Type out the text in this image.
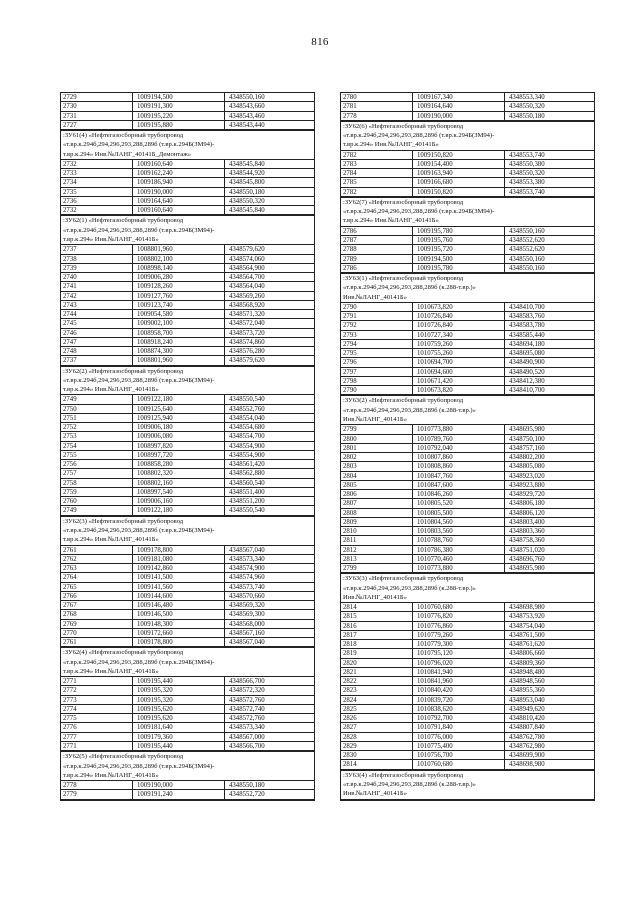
816
2729	1009194,500	4348550,160
2730	1009191,300	4348543,660
2731	1009195,220	4348543,460
2727	1009195,880	4348543,440
:ЗУ61(4) «Нефтегазосборный трубопровод
«т.вр.к.294б,294,296,293,288,289б (т.вр.к.294Б(ЗМ94)-
т.вр.к.294» Инв.№ЛАНГ_40141Б_Демонтаж»
2732	1009160,640	4348545,840
2733	1009162,240	4348544,920
2734	1009186,940	4348545,800
2735	1009190,000	4348550,180
2736	1009164,640	4348550,320
2732	1009160,640	4348545,840
:ЗУ62(1) «Нефтегазосборный трубопровод
«т.вр.к.294б,294,296,293,288,289б (т.вр.к.294Б(ЗМ94)-
т.вр.к.294» Инв.№ЛАНГ_40141Б»
2737	1008801,960	4348579,620
2738	1008802,100	4348574,060
2739	1008998,140	4348564,900
2740	1009006,280	4348564,700
2741	1009128,260	4348564,040
2742	1009127,760	4348569,260
2743	1009123,740	4348568,920
2744	1009054,580	4348571,320
2745	1009002,100	4348572,040
2746	1008958,700	4348573,720
2747	1008918,240	4348574,860
2748	1008874,300	4348576,280
2737	1008801,960	4348579,620
:ЗУ62(2) «Нефтегазосборный трубопровод
«т.вр.к.294б,294,296,293,288,289б (т.вр.к.294Б(ЗМ94)-
т.вр.к.294» Инв.№ЛАНГ_40141Б»
2749	1009122,180	4348550,540
2750	1009125,640	4348552,760
2751	1009125,940	4348554,040
2752	1009006,180	4348554,680
2753	1009006,080	4348554,700
2754	1008997,820	4348554,900
2755	1008997,720	4348554,900
2756	1008858,280	4348561,420
2757	1008802,320	4348562,880
2758	1008802,160	4348560,540
2759	1008997,540	4348551,400
2760	1009006,160	4348551,200
2749	1009122,180	4348550,540
:ЗУ62(3) «Нефтегазосборный трубопровод
«т.вр.к.294б,294,296,293,288,289б (т.вр.к.294Б(ЗМ94)-
т.вр.к.294» Инв.№ЛАНГ_40141Б»
2761	1009178,800	4348567,040
2762	1009181,080	4348573,340
2763	1009142,860	4348574,900
2764	1009141,500	4348574,960
2765	1009141,560	4348573,740
2766	1009144,600	4348570,660
2767	1009146,480	4348569,320
2768	1009146,500	4348569,300
2769	1009148,300	4348568,000
2770	1009172,660	4348567,160
2761	1009178,800	4348567,040
:ЗУ62(4) «Нефтегазосборный трубопровод
«т.вр.к.294б,294,296,293,288,289б (т.вр.к.294Б(ЗМ94)-
т.вр.к.294» Инв.№ЛАНГ_40141Б»
2771	1009195,440	4348566,700
2772	1009195,320	4348572,320
2773	1009195,320	4348572,760
2774	1009195,620	4348572,740
2775	1009195,620	4348572,760
2776	1009181,640	4348573,340
2777	1009179,360	4348567,000
2771	1009195,440	4348566,700
:ЗУ62(5) «Нефтегазосборный трубопровод
«т.вр.к.294б,294,296,293,288,289б (т.вр.к.294Б(ЗМ94)-
т.вр.к.294» Инв.№ЛАНГ_40141Б»
2778	1009190,000	4348550,180
2779	1009191,240	4348552,720
2780	1009167,340	4348553,340
2781	1009164,640	4348550,320
2778	1009190,000	4348550,180
:ЗУ62(6) «Нефтегазосборный трубопровод
«т.вр.к.294б,294,296,293,288,289б (т.вр.к.294Б(ЗМ94)-
т.вр.к.294» Инв.№ЛАНГ_40141Б»
2782	1009150,820	4348553,740
2783	1009154,400	4348550,380
2784	1009163,940	4348550,320
2785	1009166,680	4348553,380
2782	1009150,820	4348553,740
:ЗУ62(7) «Нефтегазосборный трубопровод
«т.вр.к.294б,294,296,293,288,289б (т.вр.к.294Б(ЗМ94)-
т.вр.к.294» Инв.№ЛАНГ_40141Б»
2786	1009195,780	4348550,160
2787	1009195,760	4348552,620
2788	1009195,720	4348552,620
2789	1009194,500	4348550,160
2786	1009195,780	4348550,160
:ЗУ63(1) «Нефтегазосборный трубопровод
«т.вр.к.294б,294,296,293,288,289б (к.288-т.вр.)»
Инв.№ЛАНГ_40141Б»
2790	1010673,820	4348410,700
2791	1010726,840	4348583,760
2792	1010726,840	4348583,780
2793	1010727,340	4348585,440
2794	1010759,260	4348694,180
2795	1010755,260	4348695,080
2796	1010694,700	4348490,900
2797	1010694,600	4348490,520
2798	1010671,420	4348412,380
2790	1010673,820	4348410,700
:ЗУ63(2) «Нефтегазосборный трубопровод
«т.вр.к.294б,294,296,293,288,289б (к.288-т.вр.)»
Инв.№ЛАНГ_40141Б»
2799	1010773,880	4348695,980
2800	1010789,760	4348750,100
2801	1010792,040	4348757,160
2802	1010807,860	4348802,200
2803	1010808,860	4348805,080
2804	1010847,760	4348923,020
2805	1010847,600	4348923,880
2806	1010846,260	4348929,720
2807	1010805,520	4348806,180
2808	1010805,500	4348806,120
2809	1010804,560	4348803,400
2810	1010803,560	4348803,360
2811	1010788,760	4348758,360
2812	1010786,380	4348751,020
2813	1010770,460	4348696,760
2799	1010773,880	4348695,980
:ЗУ63(3) «Нефтегазосборный трубопровод
«т.вр.к.294б,294,296,293,288,289б (к.288-т.вр.)»
Инв.№ЛАНГ_40141Б»
2814	1010760,680	4348698,980
2815	1010776,820	4348753,920
2816	1010776,860	4348754,040
2817	1010779,260	4348761,500
2818	1010779,300	4348761,620
2819	1010795,120	4348806,660
2820	1010796,020	4348809,360
2821	1010841,940	4348948,480
2822	1010841,960	4348948,560
2823	1010840,420	4348955,360
2824	1010839,720	4348953,040
2825	1010838,620	4348949,620
2826	1010792,700	4348810,420
2827	1010791,840	4348807,840
2828	1010776,000	4348762,780
2829	1010775,400	4348762,980
2830	1010756,700	4348699,900
2814	1010760,680	4348698,980
:ЗУ63(4) «Нефтегазосборный трубопровод
«т.вр.к.294б,294,296,293,288,289б (к.288-т.вр.)»
Инв.№ЛАНГ_40141Б»
